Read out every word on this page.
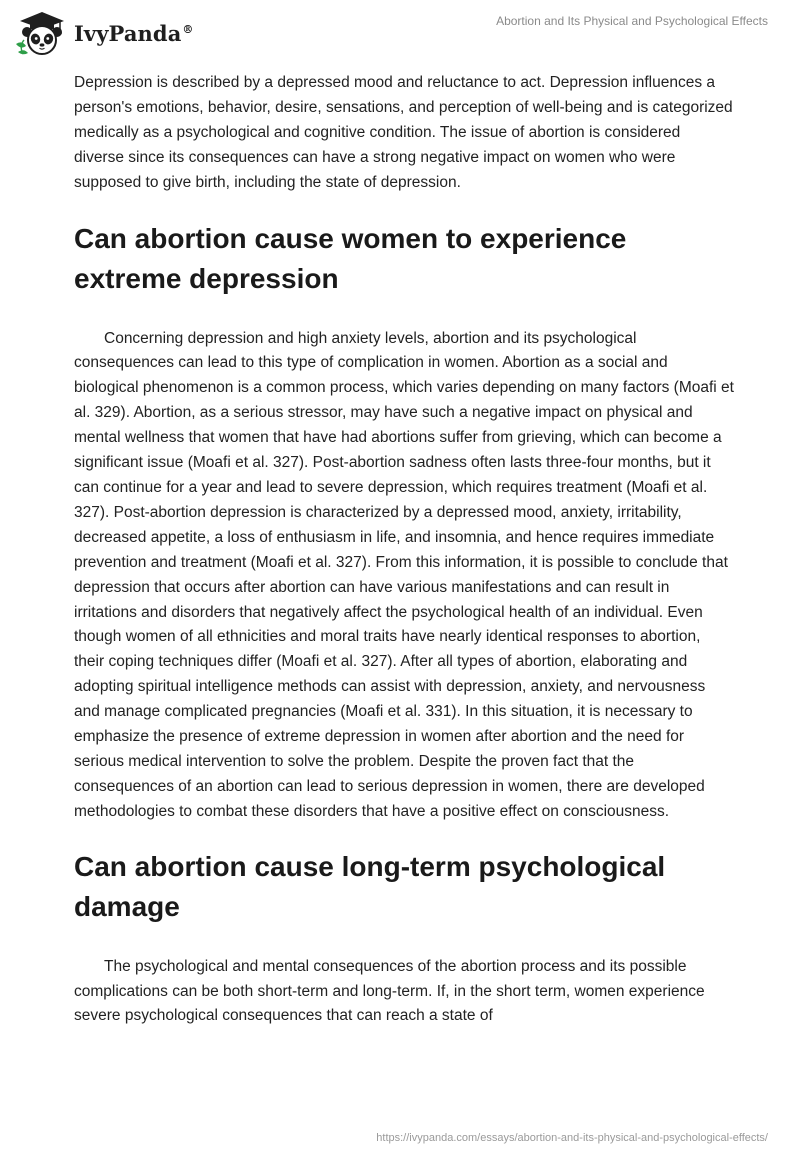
IvyPanda®
Abortion and Its Physical and Psychological Effects

Depression is described by a depressed mood and reluctance to act. Depression influences a person's emotions, behavior, desire, sensations, and perception of well-being and is categorized medically as a psychological and cognitive condition. The issue of abortion is considered diverse since its consequences can have a strong negative impact on women who were supposed to give birth, including the state of depression.

Can abortion cause women to experience extreme depression

Concerning depression and high anxiety levels, abortion and its psychological consequences can lead to this type of complication in women. Abortion as a social and biological phenomenon is a common process, which varies depending on many factors (Moafi et al. 329). Abortion, as a serious stressor, may have such a negative impact on physical and mental wellness that women that have had abortions suffer from grieving, which can become a significant issue (Moafi et al. 327). Post-abortion sadness often lasts three-four months, but it can continue for a year and lead to severe depression, which requires treatment (Moafi et al. 327). Post-abortion depression is characterized by a depressed mood, anxiety, irritability, decreased appetite, a loss of enthusiasm in life, and insomnia, and hence requires immediate prevention and treatment (Moafi et al. 327). From this information, it is possible to conclude that depression that occurs after abortion can have various manifestations and can result in irritations and disorders that negatively affect the psychological health of an individual. Even though women of all ethnicities and moral traits have nearly identical responses to abortion, their coping techniques differ (Moafi et al. 327). After all types of abortion, elaborating and adopting spiritual intelligence methods can assist with depression, anxiety, and nervousness and manage complicated pregnancies (Moafi et al. 331). In this situation, it is necessary to emphasize the presence of extreme depression in women after abortion and the need for serious medical intervention to solve the problem. Despite the proven fact that the consequences of an abortion can lead to serious depression in women, there are developed methodologies to combat these disorders that have a positive effect on consciousness.

Can abortion cause long-term psychological damage

The psychological and mental consequences of the abortion process and its possible complications can be both short-term and long-term. If, in the short term, women experience severe psychological consequences that can reach a state of

https://ivypanda.com/essays/abortion-and-its-physical-and-psychological-effects/
